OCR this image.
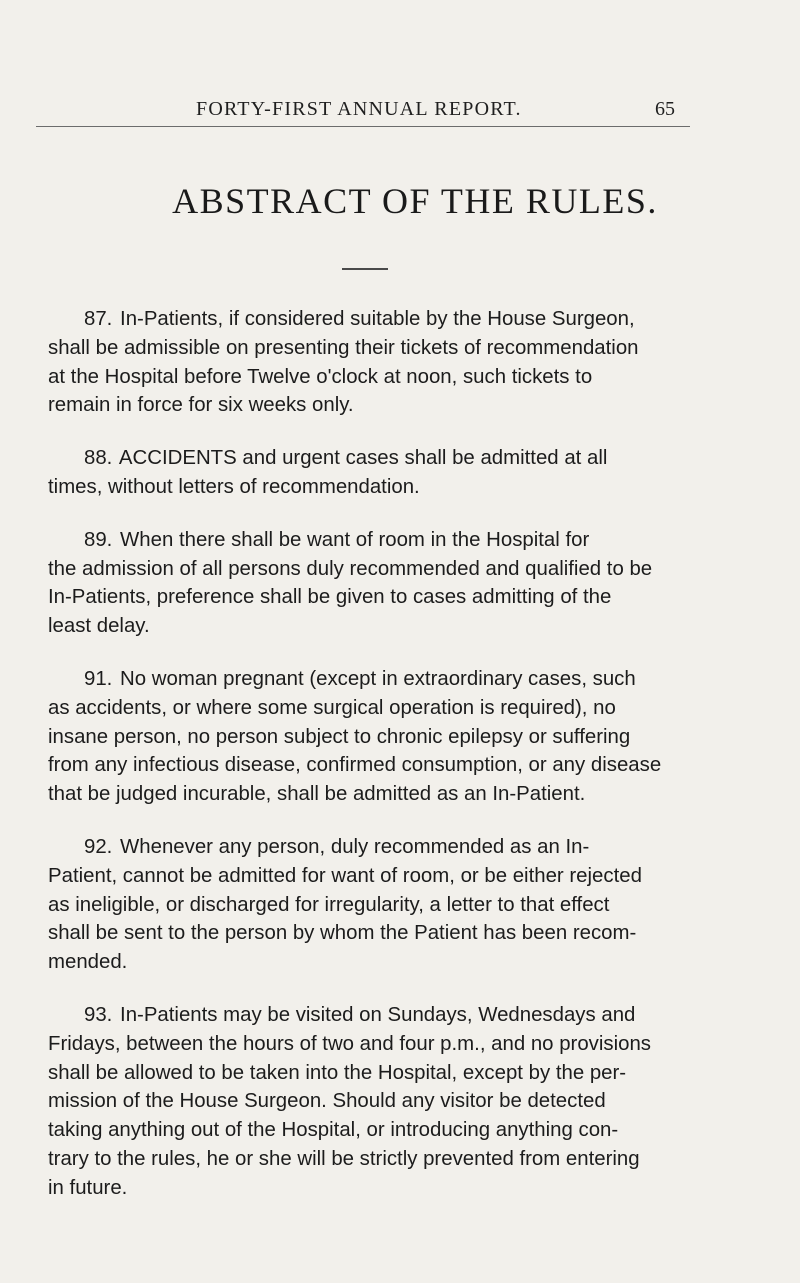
FORTY-FIRST ANNUAL REPORT.	65
ABSTRACT OF THE RULES.
87. In-Patients, if considered suitable by the House Surgeon,
shall be admissible on presenting their tickets of recommendation
at the Hospital before Twelve o'clock at noon, such tickets to
remain in force for six weeks only.
88. ACCIDENTS and urgent cases shall be admitted at all
times, without letters of recommendation.
89. When there shall be want of room in the Hospital for
the admission of all persons duly recommended and qualified to be
In-Patients, preference shall be given to cases admitting of the
least delay.
91. No woman pregnant (except in extraordinary cases, such
as accidents, or where some surgical operation is required), no
insane person, no person subject to chronic epilepsy or suffering
from any infectious disease, confirmed consumption, or any disease
that be judged incurable, shall be admitted as an In-Patient.
92. Whenever any person, duly recommended as an In-
Patient, cannot be admitted for want of room, or be either rejected
as ineligible, or discharged for irregularity, a letter to that effect
shall be sent to the person by whom the Patient has been recom-
mended.
93. In-Patients may be visited on Sundays, Wednesdays and
Fridays, between the hours of two and four p.m., and no provisions
shall be allowed to be taken into the Hospital, except by the per-
mission of the House Surgeon. Should any visitor be detected
taking anything out of the Hospital, or introducing anything con-
trary to the rules, he or she will be strictly prevented from entering
in future.
